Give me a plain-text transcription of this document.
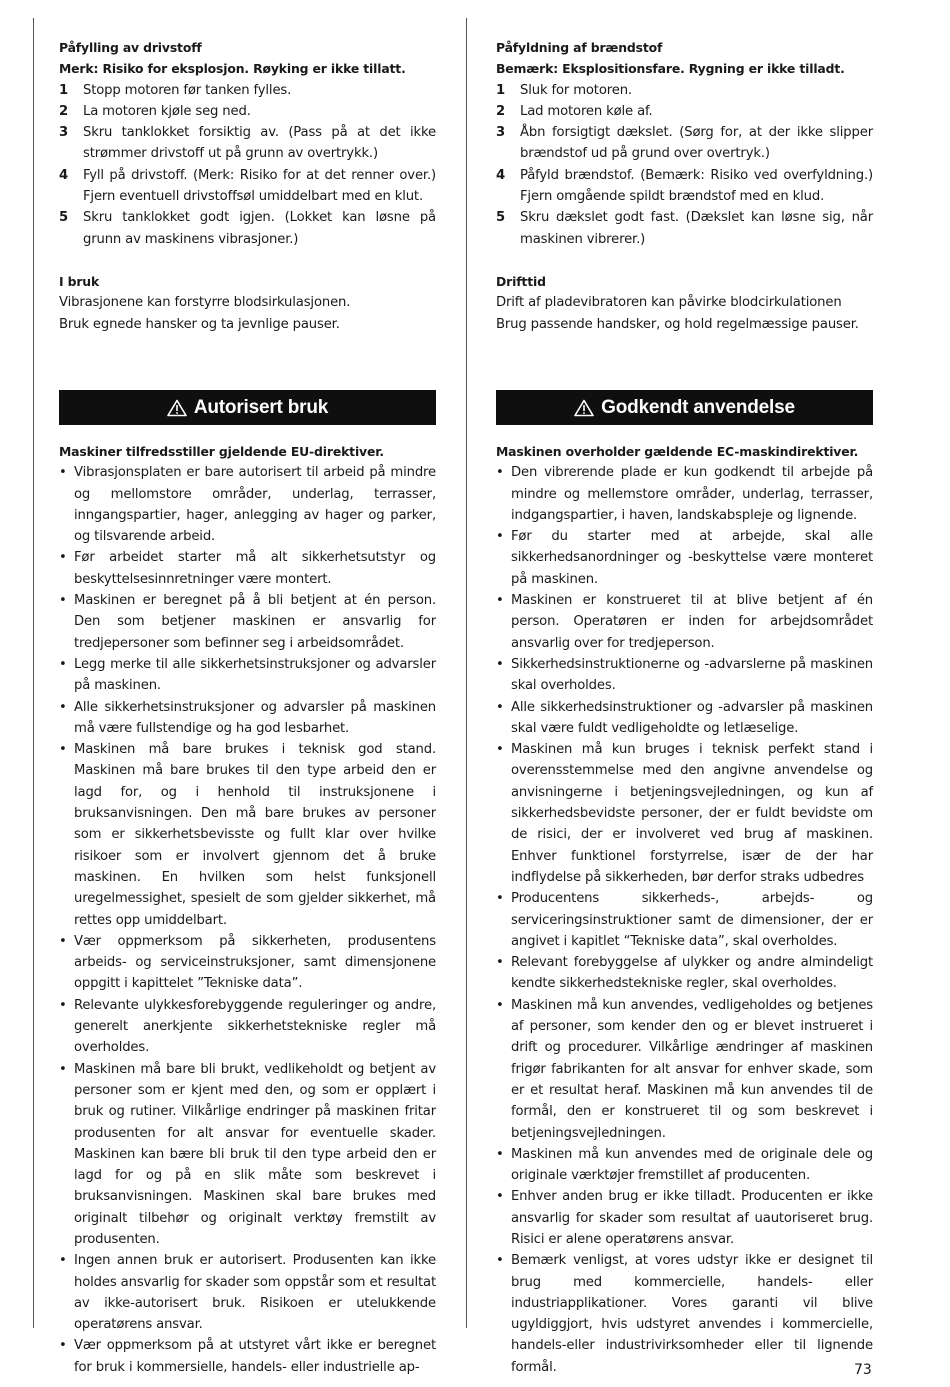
Påfylling av drivstoff
Merk: Risiko for eksplosjon. Røyking er ikke tillatt.
1	Stopp motoren før tanken fylles.
2	La motoren kjøle seg ned.
3	Skru tanklokket forsiktig av. (Pass på at det ikke strømmer drivstoff ut på grunn av overtrykk.)
4	Fyll på drivstoff. (Merk: Risiko for at det renner over.) Fjern eventuell drivstoffsøl umiddelbart med en klut.
5	Skru tanklokket godt igjen. (Lokket kan løsne på grunn av maskinens vibrasjoner.)
I bruk

Vibrasjonene kan forstyrre blodsirkulasjonen.

Bruk egnede hansker og ta jevnlige pauser.

Påfyldning af brændstof
Bemærk: Eksplositionsfare. Rygning er ikke tilladt.
1	Sluk for motoren.
2	Lad motoren køle af.
3	Åbn forsigtigt dækslet. (Sørg for, at der ikke slipper brændstof ud på grund over overtryk.)
4	Påfyld brændstof. (Bemærk: Risiko ved overfyldning.) Fjern omgående spildt brændstof med en klud.
5	Skru dækslet godt fast. (Dækslet kan løsne sig, når maskinen vibrerer.)
Drifttid

Drift af pladevibratoren kan påvirke blodcirkulationen

Brug passende handsker, og hold regelmæssige pauser.

Autorisert bruk	Godkendt anvendelse
Maskiner tilfredsstiller gjeldende EU-direktiver.
• Vibrasjonsplaten er bare autorisert til arbeid på mindre og mellomstore områder, underlag, terrasser, inngangspartier, hager, anlegging av hager og parker, og tilsvarende arbeid.
• Før arbeidet starter må alt sikkerhetsutstyr og beskyttelsesinnretninger være montert.
• Maskinen er beregnet på å bli betjent at én person. Den som betjener maskinen er ansvarlig for tredjepersoner som befinner seg i arbeidsområdet.
• Legg merke til alle sikkerhetsinstruksjoner og advarsler på maskinen.
• Alle sikkerhetsinstruksjoner og advarsler på maskinen må være fullstendige og ha god lesbarhet.
• Maskinen må bare brukes i teknisk god stand. Maskinen må bare brukes til den type arbeid den er lagd for, og i henhold til instruksjonene i bruksanvisningen. Den må bare brukes av personer som er sikkerhetsbevisste og fullt klar over hvilke risikoer som er involvert gjennom det å bruke maskinen. En hvilken som helst funksjonell uregelmessighet, spesielt de som gjelder sikkerhet, må rettes opp umiddelbart.
• Vær oppmerksom på sikkerheten, produsentens arbeids- og serviceinstruksjoner, samt dimensjonene oppgitt i kapittelet ”Tekniske data”.
• Relevante ulykkesforebyggende reguleringer og andre, generelt anerkjente sikkerhetstekniske regler må overholdes.
• Maskinen må bare bli brukt, vedlikeholdt og betjent av personer som er kjent med den, og som er opplært i bruk og rutiner. Vilkårlige endringer på maskinen fritar produsenten for alt ansvar for eventuelle skader. Maskinen kan bære bli bruk til den type arbeid den er lagd for og på en slik måte som beskrevet i bruksanvisningen. Maskinen skal bare brukes med originalt tilbehør og originalt verktøy fremstilt av produsenten.
• Ingen annen bruk er autorisert. Produsenten kan ikke holdes ansvarlig for skader som oppstår som et resultat av ikke-autorisert bruk. Risikoen er utelukkende operatørens ansvar.
• Vær oppmerksom på at utstyret vårt ikke er beregnet for bruk i kommersielle, handels- eller industrielle ap-
Maskinen overholder gældende EC-maskindirektiver.
• Den vibrerende plade er kun godkendt til arbejde på mindre og mellemstore områder, underlag, terrasser, indgangspartier, i haven, landskabspleje og lignende.
• Før du starter med at arbejde, skal alle sikkerhedsanordninger og -beskyttelse være monteret på maskinen.
• Maskinen er konstrueret til at blive betjent af én person. Operatøren er inden for arbejdsområdet ansvarlig over for tredjeperson.
• Sikkerhedsinstruktionerne og -advarslerne på maskinen skal overholdes.
• Alle sikkerhedsinstruktioner og -advarsler på maskinen skal være fuldt vedligeholdte og letlæselige.
• Maskinen må kun bruges i teknisk perfekt stand i overensstemmelse med den angivne anvendelse og anvisningerne i betjeningsvejledningen, og kun af sikkerhedsbevidste personer, der er fuldt bevidste om de risici, der er involveret ved brug af maskinen. Enhver funktionel forstyrrelse, især de der har indflydelse på sikkerheden, bør derfor straks udbedres
• Producentens sikkerheds-, arbejds- og serviceringsinstruktioner samt de dimensioner, der er angivet i kapitlet “Tekniske data”, skal overholdes.
• Relevant forebyggelse af ulykker og andre almindeligt kendte sikkerhedstekniske regler, skal overholdes.
• Maskinen må kun anvendes, vedligeholdes og betjenes af personer, som kender den og er blevet instrueret i drift og procedurer. Vilkårlige ændringer af maskinen frigør fabrikanten for alt ansvar for enhver skade, som er et resultat heraf. Maskinen må kun anvendes til de formål, den er konstrueret til og som beskrevet i betjeningsvejledningen.
• Maskinen må kun anvendes med de originale dele og originale værktøjer fremstillet af producenten.
• Enhver anden brug er ikke tilladt. Producenten er ikke ansvarlig for skader som resultat af uautoriseret brug. Risici er alene operatørens ansvar.
• Bemærk venligst, at vores udstyr ikke er designet til brug med kommercielle, handels- eller industriapplikationer. Vores garanti vil blive ugyldiggjort, hvis udstyret anvendes i kommercielle, handels-eller industrivirksomheder eller til lignende formål.	73
